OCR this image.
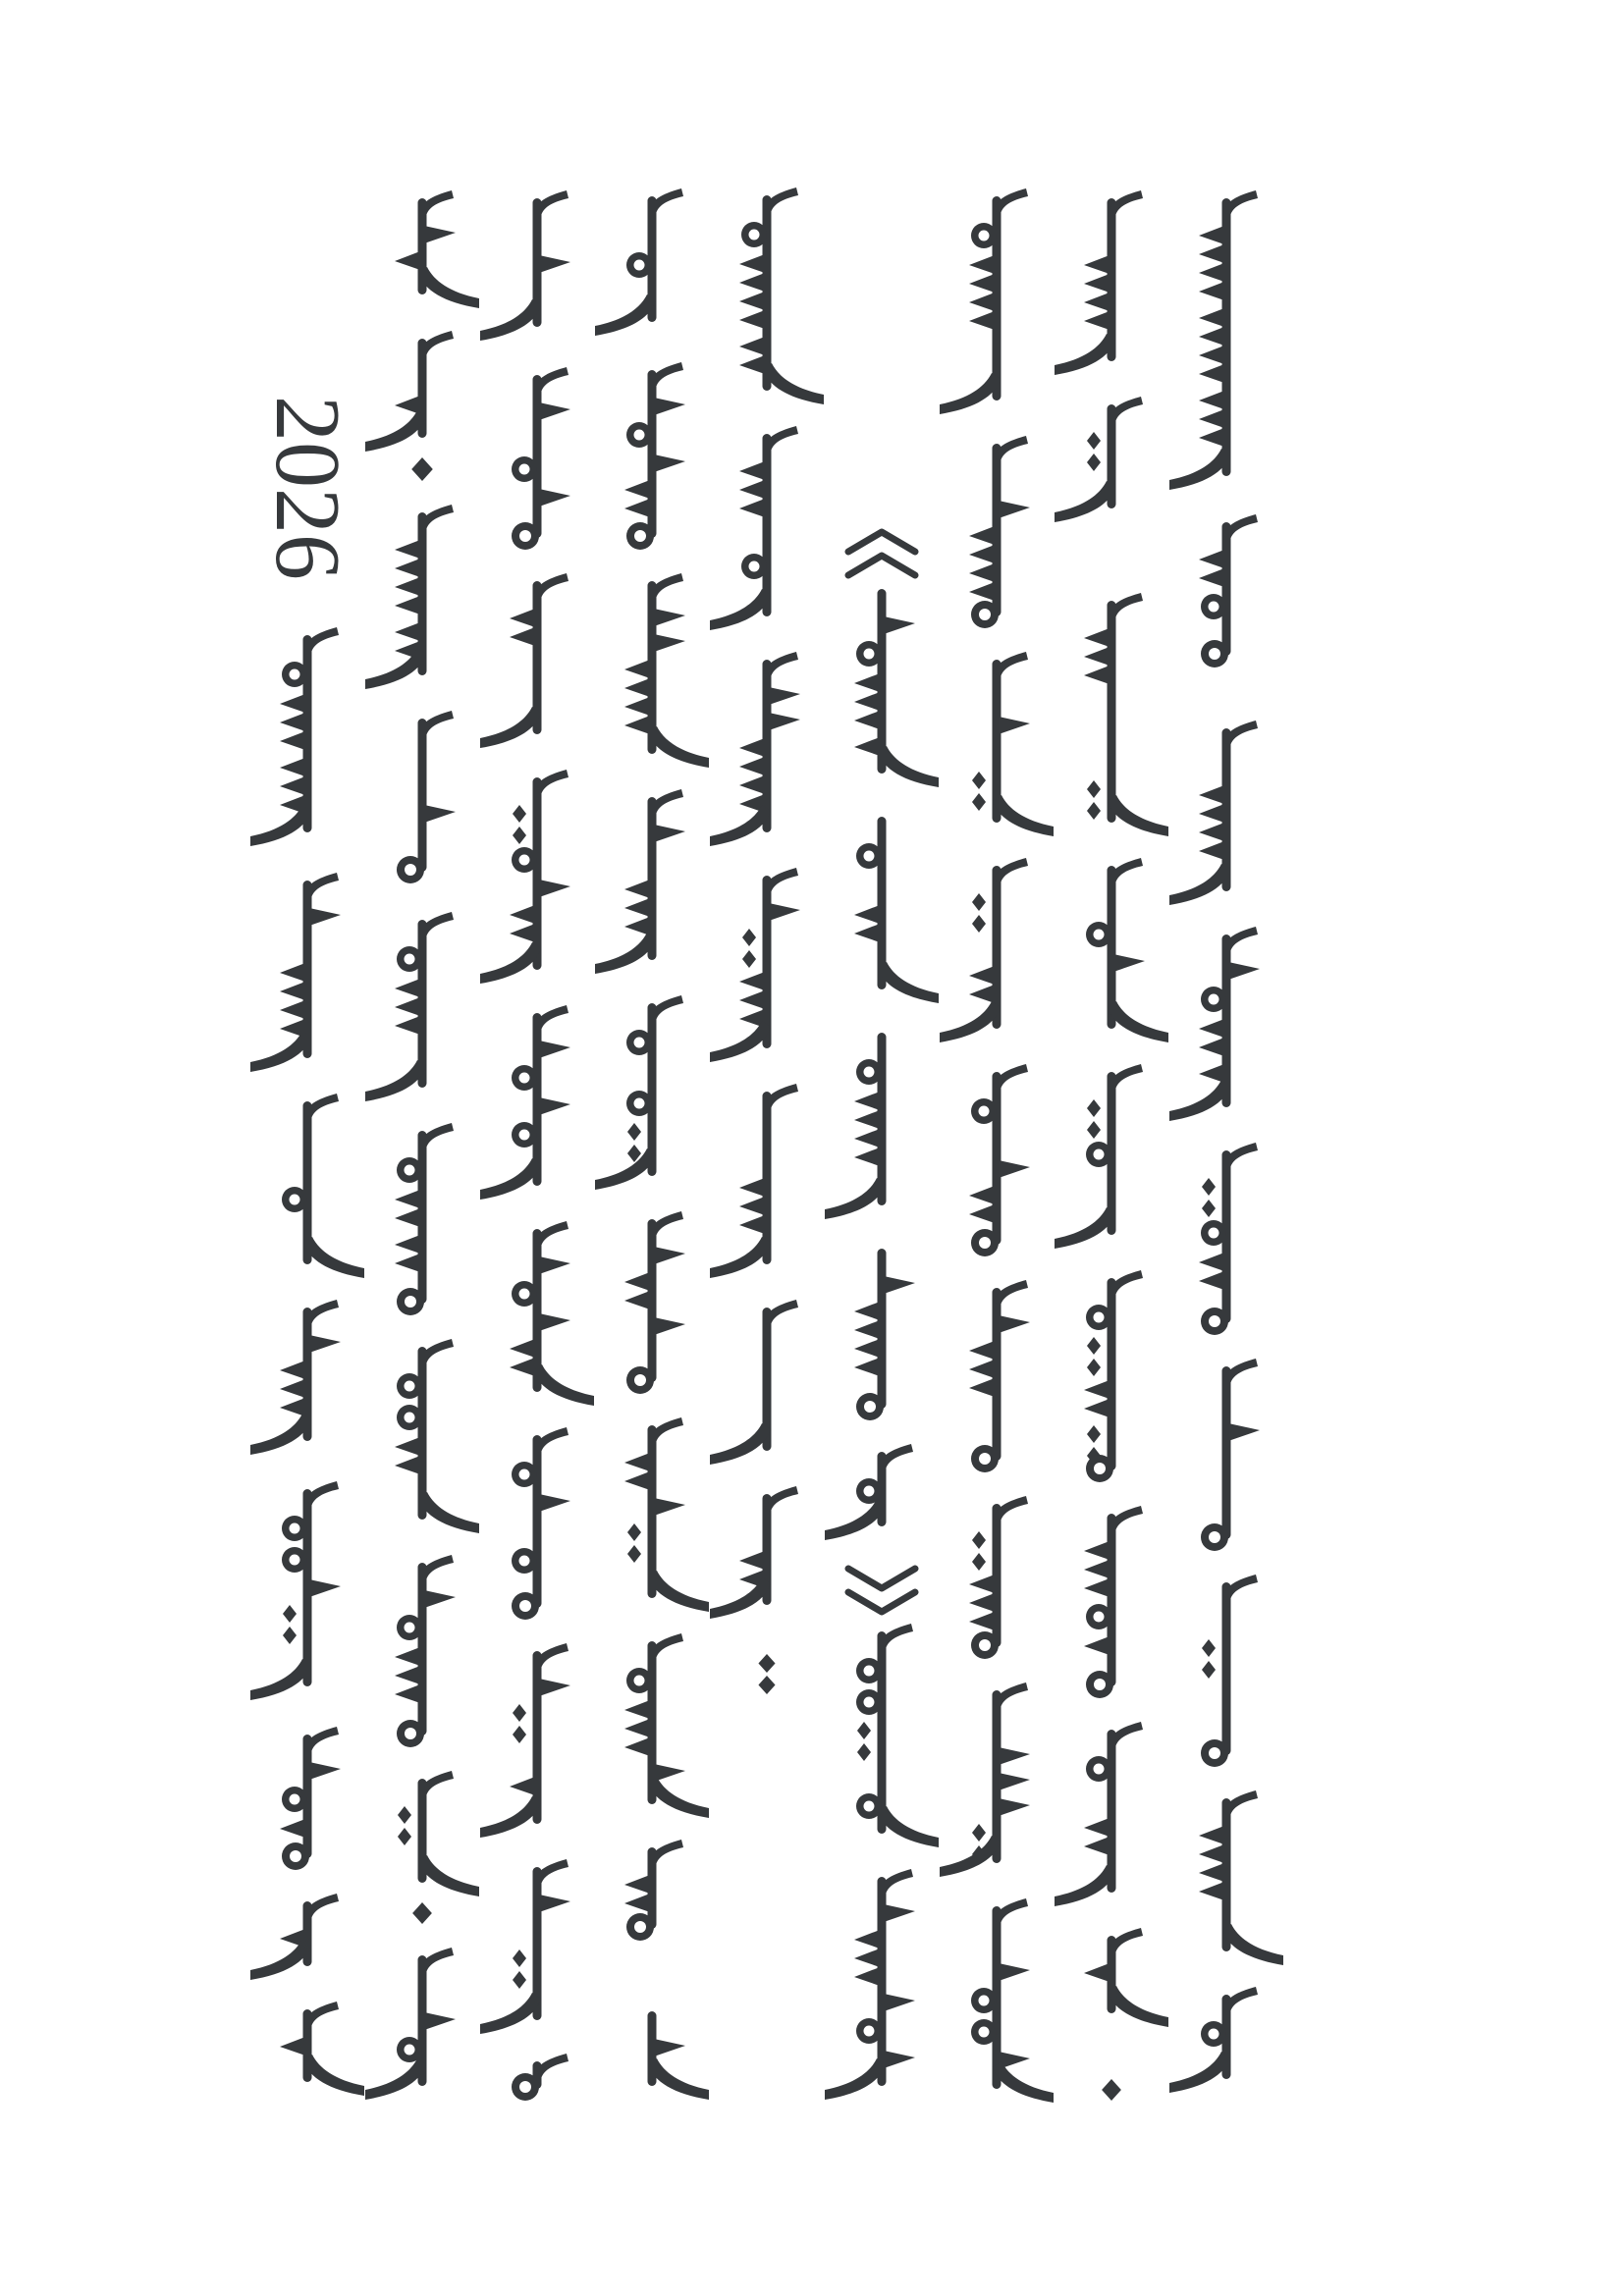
2026
